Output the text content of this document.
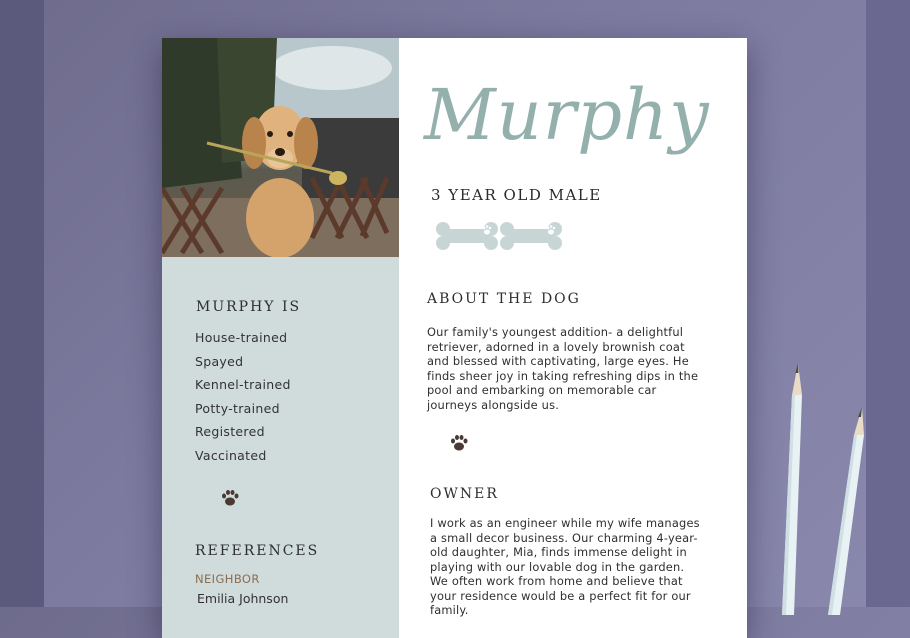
MURPHY IS
House-trained
Spayed
Kennel-trained
Potty-trained
Registered
Vaccinated
REFERENCES
NEIGHBOR
Emilia Johnson
Murphy
3 YEAR OLD MALE
ABOUT THE DOG

Our family's youngest addition- a delightful retriever, adorned in a lovely brownish coat and blessed with captivating, large eyes. He finds sheer joy in taking refreshing dips in the pool and embarking on memorable car journeys alongside us.

OWNER

I work as an engineer while my wife manages a small decor business. Our charming 4-year-old daughter, Mia, finds immense delight in playing with our lovable dog in the garden. We often work from home and believe that your residence would be a perfect fit for our family.
